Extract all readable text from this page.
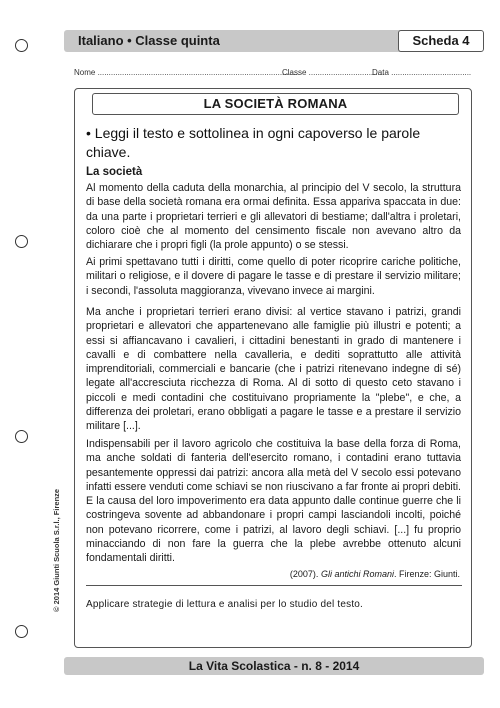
Italiano • Classe quinta	Scheda 4
Nome ...........................................................................................
Classe ..................................
Data ....................................
LA SOCIETÀ ROMANA
• Leggi il testo e sottolinea in ogni capoverso le parole chiave.
La società
Al momento della caduta della monarchia, al principio del V secolo, la struttura di base della società romana era ormai definita. Essa appariva spaccata in due: da una parte i proprietari terrieri e gli allevatori di bestiame; dall'altra i proletari, coloro cioè che al momento del censimento fiscale non avevano altro da dichiarare che i propri figli (la prole appunto) o se stessi.
Ai primi spettavano tutti i diritti, come quello di poter ricoprire cariche politiche, militari o religiose, e il dovere di pagare le tasse e di prestare il servizio militare; i secondi, l'assoluta maggioranza, vivevano invece ai margini.
Ma anche i proprietari terrieri erano divisi: al vertice stavano i patrizi, grandi proprietari e allevatori che appartenevano alle famiglie più illustri e potenti; a essi si affiancavano i cavalieri, i cittadini benestanti in grado di mantenere i cavalli e di combattere nella cavalleria, e dediti soprattutto alle attività imprenditoriali, commerciali e bancarie (che i patrizi ritenevano indegne di sé) legate all'accresciuta ricchezza di Roma. Al di sotto di questo ceto stavano i piccoli e medi contadini che costituivano propriamente la "plebe", e che, a differenza dei proletari, erano obbligati a pagare le tasse e a prestare il servizio militare [...].
Indispensabili per il lavoro agricolo che costituiva la base della forza di Roma, ma anche soldati di fanteria dell'esercito romano, i contadini erano tuttavia pesantemente oppressi dai patrizi: ancora alla metà del V secolo essi potevano infatti essere venduti come schiavi se non riuscivano a far fronte ai propri debiti. E la causa del loro impoverimento era data appunto dalle continue guerre che li costringeva sovente ad abbandonare i propri campi lasciandoli incolti, poiché non potevano ricorrere, come i patrizi, al lavoro degli schiavi. [...] fu proprio minacciando di non fare la guerra che la plebe avrebbe ottenuto alcuni fondamentali diritti.
(2007). Gli antichi Romani. Firenze: Giunti.
Applicare strategie di lettura e analisi per lo studio del testo.
© 2014 Giunti Scuola S.r.l., Firenze
La Vita Scolastica - n. 8 - 2014
